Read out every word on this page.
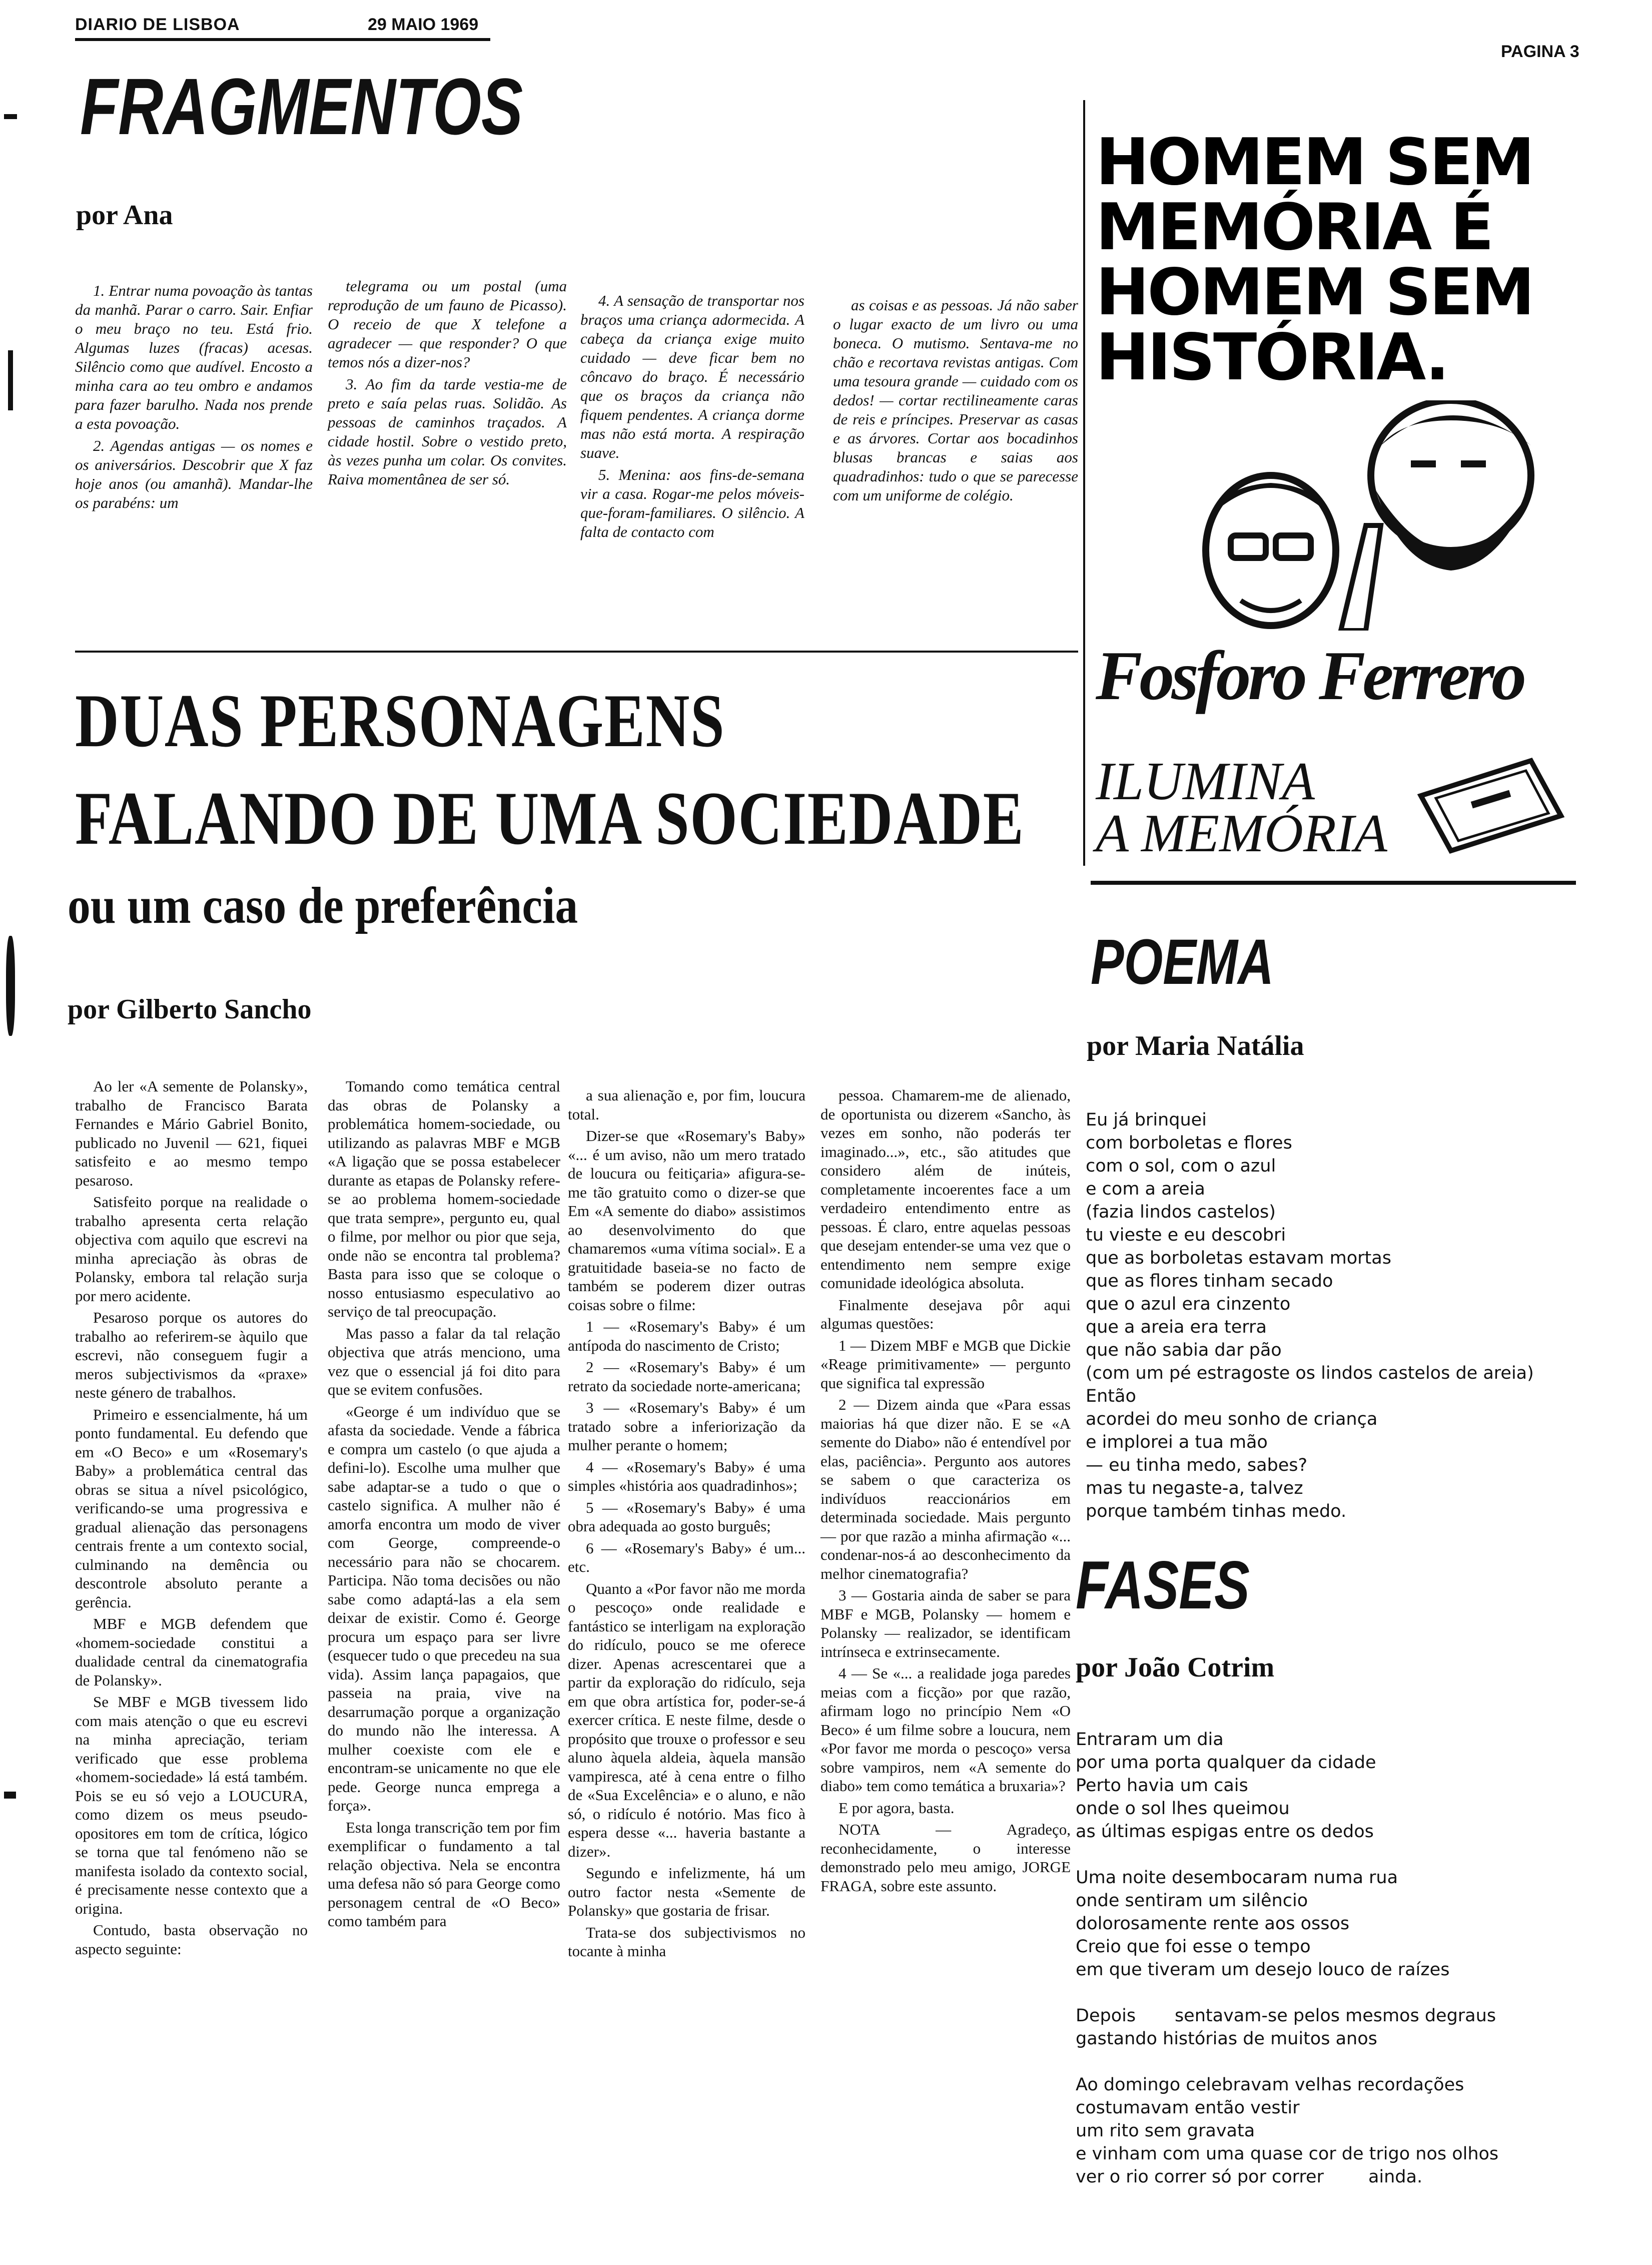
DIARIO DE LISBOA	29 MAIO 1969
PAGINA 3
FRAGMENTOS
por Ana

1. Entrar numa povoação às tantas da manhã. Parar o carro. Sair. Enfiar o meu braço no teu. Está frio. Algumas luzes (fracas) acesas. Silêncio como que audível. Encosto a minha cara ao teu ombro e andamos para fazer barulho. Nada nos prende a esta povoação.

2. Agendas antigas — os nomes e os aniversários. Descobrir que X faz hoje anos (ou amanhã). Mandar-lhe os parabéns: um

telegrama ou um postal (uma reprodução de um fauno de Picasso). O receio de que X telefone a agradecer — que responder? O que temos nós a dizer-nos?

3. Ao fim da tarde vestia-me de preto e saía pelas ruas. Solidão. As pessoas de caminhos traçados. A cidade hostil. Sobre o vestido preto, às vezes punha um colar. Os convites. Raiva momentânea de ser só.

4. A sensação de transportar nos braços uma criança adormecida. A cabeça da criança exige muito cuidado — deve ficar bem no côncavo do braço. É necessário que os braços da criança não fiquem pendentes. A criança dorme mas não está morta. A respiração suave.

5. Menina: aos fins-de-semana vir a casa. Rogar-me pelos móveis-que-foram-familiares. O silêncio. A falta de contacto com

as coisas e as pessoas. Já não saber o lugar exacto de um livro ou uma boneca. O mutismo. Sentava-me no chão e recortava revistas antigas. Com uma tesoura grande — cuidado com os dedos! — cortar rectilineamente caras de reis e príncipes. Preservar as casas e as árvores. Cortar aos bocadinhos blusas brancas e saias aos quadradinhos: tudo o que se parecesse com um uniforme de colégio.

HOMEM SEM MEMÓRIA É HOMEM SEM HISTÓRIA.
Fosforo Ferrero
ILUMINA
A MEMÓRIA
DUAS PERSONAGENS
FALANDO DE UMA SOCIEDADE
ou um caso de preferência
por Gilberto Sancho

Ao ler «A semente de Polansky», trabalho de Francisco Barata Fernandes e Mário Gabriel Bonito, publicado no Juvenil — 621, fiquei satisfeito e ao mesmo tempo pesaroso.

Satisfeito porque na realidade o trabalho apresenta certa relação objectiva com aquilo que escrevi na minha apreciação às obras de Polansky, embora tal relação surja por mero acidente.

Pesaroso porque os autores do trabalho ao referirem-se àquilo que escrevi, não conseguem fugir a meros subjectivismos da «praxe» neste género de trabalhos.

Primeiro e essencialmente, há um ponto fundamental. Eu defendo que em «O Beco» e um «Rosemary's Baby» a problemática central das obras se situa a nível psicológico, verificando-se uma progressiva e gradual alienação das personagens centrais frente a um contexto social, culminando na demência ou descontrole absoluto perante a gerência.

MBF e MGB defendem que «homem-sociedade constitui a dualidade central da cinematografia de Polansky».

Se MBF e MGB tivessem lido com mais atenção o que eu escrevi na minha apreciação, teriam verificado que esse problema «homem-sociedade» lá está também. Pois se eu só vejo a LOUCURA, como dizem os meus pseudo-opositores em tom de crítica, lógico se torna que tal fenómeno não se manifesta isolado da contexto social, é precisamente nesse contexto que a origina.

Contudo, basta observação no aspecto seguinte:

Tomando como temática central das obras de Polansky a problemática homem-sociedade, ou utilizando as palavras MBF e MGB «A ligação que se possa estabelecer durante as etapas de Polansky refere-se ao problema homem-sociedade que trata sempre», pergunto eu, qual o filme, por melhor ou pior que seja, onde não se encontra tal problema? Basta para isso que se coloque o nosso entusiasmo especulativo ao serviço de tal preocupação.

Mas passo a falar da tal relação objectiva que atrás menciono, uma vez que o essencial já foi dito para que se evitem confusões.

«George é um indivíduo que se afasta da sociedade. Vende a fábrica e compra um castelo (o que ajuda a defini-lo). Escolhe uma mulher que sabe adaptar-se a tudo o que o castelo significa. A mulher não é amorfa encontra um modo de viver com George, compreende-o necessário para não se chocarem. Participa. Não toma decisões ou não sabe como adaptá-las a ela sem deixar de existir. Como é. George procura um espaço para ser livre (esquecer tudo o que precedeu na sua vida). Assim lança papagaios, que passeia na praia, vive na desarrumação porque a organização do mundo não lhe interessa. A mulher coexiste com ele e encontram-se unicamente no que ele pede. George nunca emprega a força».

Esta longa transcrição tem por fim exemplificar o fundamento a tal relação objectiva. Nela se encontra uma defesa não só para George como personagem central de «O Beco» como também para

a sua alienação e, por fim, loucura total.

Dizer-se que «Rosemary's Baby» «... é um aviso, não um mero tratado de loucura ou feitiçaria» afigura-se-me tão gratuito como o dizer-se que Em «A semente do diabo» assistimos ao desenvolvimento do que chamaremos «uma vítima social». E a gratuitidade baseia-se no facto de também se poderem dizer outras coisas sobre o filme:

1 — «Rosemary's Baby» é um antípoda do nascimento de Cristo;

2 — «Rosemary's Baby» é um retrato da sociedade norte-americana;

3 — «Rosemary's Baby» é um tratado sobre a inferiorização da mulher perante o homem;

4 — «Rosemary's Baby» é uma simples «história aos quadradinhos»;

5 — «Rosemary's Baby» é uma obra adequada ao gosto burguês;

6 — «Rosemary's Baby» é um... etc.

Quanto a «Por favor não me morda o pescoço» onde realidade e fantástico se interligam na exploração do ridículo, pouco se me oferece dizer. Apenas acrescentarei que a partir da exploração do ridículo, seja em que obra artística for, poder-se-á exercer crítica. E neste filme, desde o propósito que trouxe o professor e seu aluno àquela aldeia, àquela mansão vampiresca, até à cena entre o filho de «Sua Excelência» e o aluno, e não só, o ridículo é notório. Mas fico à espera desse «... haveria bastante a dizer».

Segundo e infelizmente, há um outro factor nesta «Semente de Polansky» que gostaria de frisar.

Trata-se dos subjectivismos no tocante à minha

pessoa. Chamarem-me de alienado, de oportunista ou dizerem «Sancho, às vezes em sonho, não poderás ter imaginado...», etc., são atitudes que considero além de inúteis, completamente incoerentes face a um verdadeiro entendimento entre as pessoas. É claro, entre aquelas pessoas que desejam entender-se uma vez que o entendimento nem sempre exige comunidade ideológica absoluta.

Finalmente desejava pôr aqui algumas questões:

1 — Dizem MBF e MGB que Dickie «Reage primitivamente» — pergunto que significa tal expressão

2 — Dizem ainda que «Para essas maiorias há que dizer não. E se «A semente do Diabo» não é entendível por elas, paciência». Pergunto aos autores se sabem o que caracteriza os indivíduos reaccionários em determinada sociedade. Mais pergunto — por que razão a minha afirmação «... condenar-nos-á ao desconhecimento da melhor cinematografia?

3 — Gostaria ainda de saber se para MBF e MGB, Polansky — homem e Polansky — realizador, se identificam intrínseca e extrinsecamente.

4 — Se «... a realidade joga paredes meias com a ficção» por que razão, afirmam logo no princípio Nem «O Beco» é um filme sobre a loucura, nem «Por favor me morda o pescoço» versa sobre vampiros, nem «A semente do diabo» tem como temática a bruxaria»?

E por agora, basta.

NOTA — Agradeço, reconhecidamente, o interesse demonstrado pelo meu amigo, JORGE FRAGA, sobre este assunto.

POEMA
por Maria Natália
Eu já brinquei
com borboletas e flores
com o sol, com o azul
e com a areia
(fazia lindos castelos)
tu vieste e eu descobri
que as borboletas estavam mortas
que as flores tinham secado
que o azul era cinzento
que a areia era terra
que não sabia dar pão
(com um pé estragoste os lindos castelos de areia)
Então
acordei do meu sonho de criança
e implorei a tua mão
— eu tinha medo, sabes?
mas tu negaste-a, talvez
porque também tinhas medo.
FASES
por João Cotrim
Entraram um dia
por uma porta qualquer da cidade
Perto havia um cais
onde o sol lhes queimou
as últimas espigas entre os dedos

Uma noite desembocaram numa rua
onde sentiram um silêncio
dolorosamente rente aos ossos
Creio que foi esse o tempo
em que tiveram um desejo louco de raízes

Depois       sentavam-se pelos mesmos degraus
gastando histórias de muitos anos

Ao domingo celebravam velhas recordações
costumavam então vestir
um rito sem gravata
e vinham com uma quase cor de trigo nos olhos
ver o rio correr só por correr        ainda.
